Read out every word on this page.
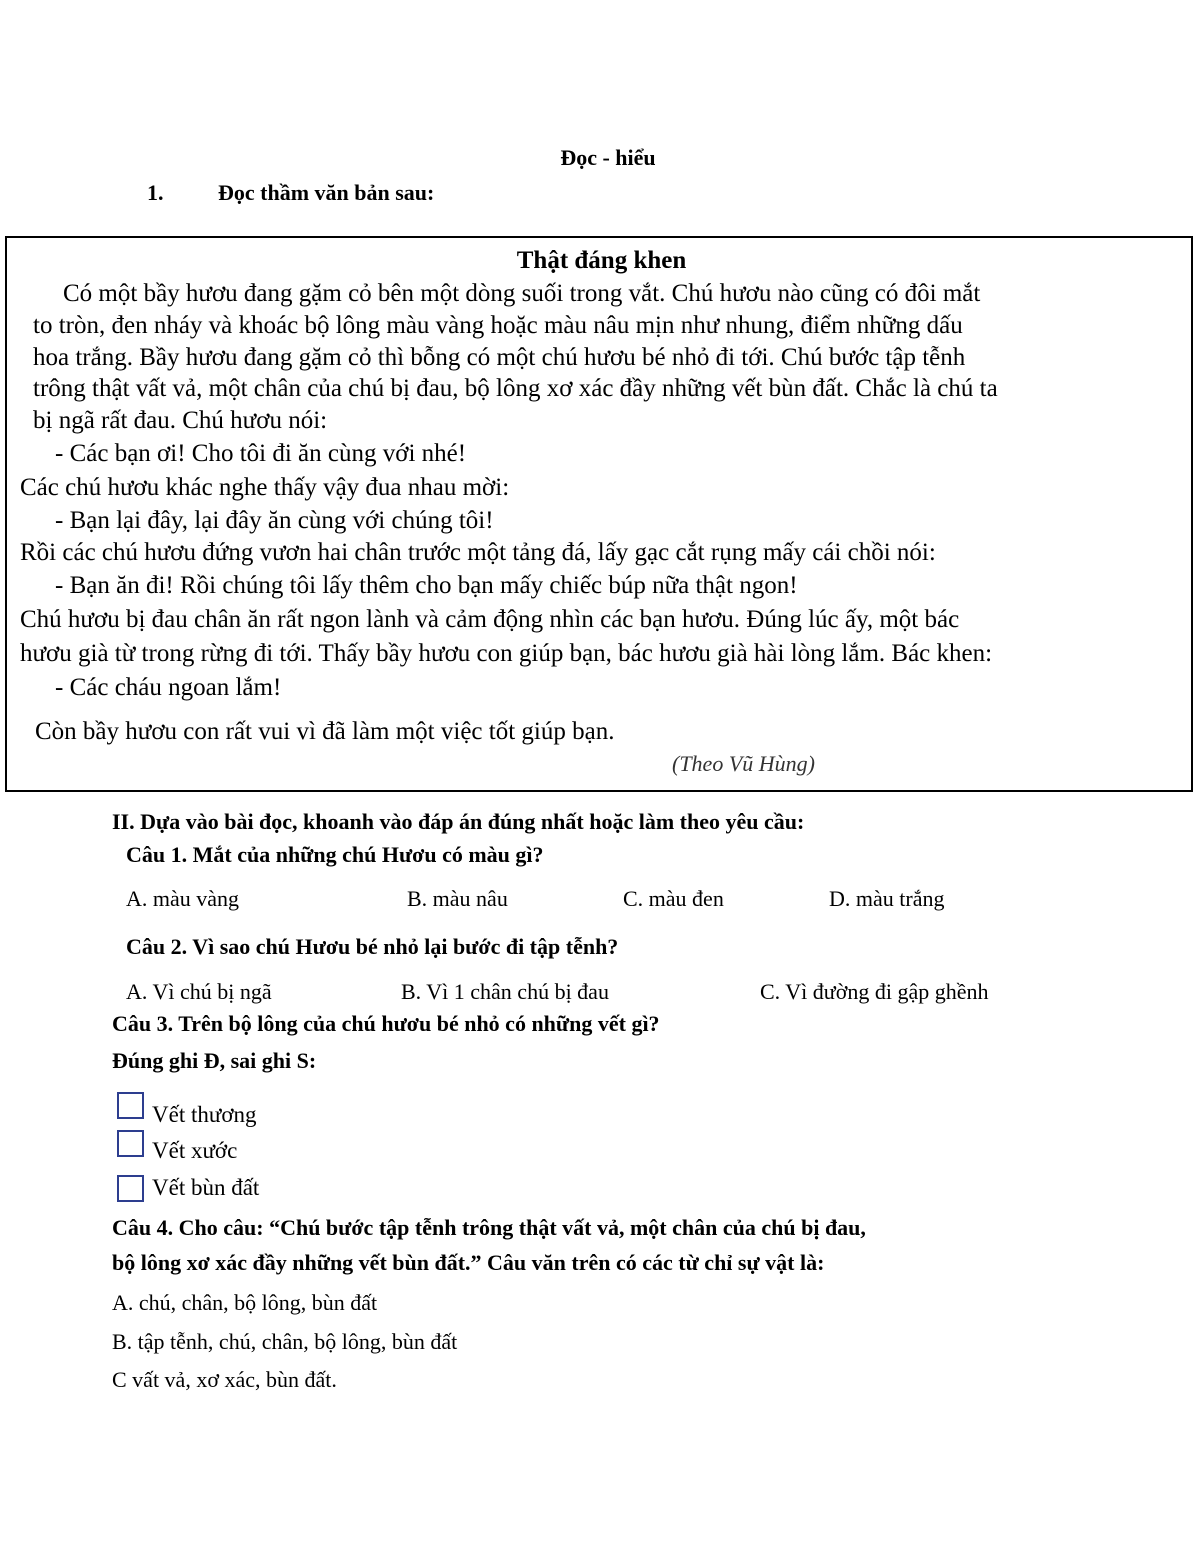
Đọc - hiểu
1. Đọc thầm văn bản sau:
Thật đáng khen
Có một bầy hươu đang gặm cỏ bên một dòng suối trong vắt. Chú hươu nào cũng có đôi mắt
to tròn, đen nháy và khoác bộ lông màu vàng hoặc màu nâu mịn như nhung, điểm những dấu
hoa trắng. Bầy hươu đang gặm cỏ thì bỗng có một chú hươu bé nhỏ đi tới. Chú bước tập tễnh
trông thật vất vả, một chân của chú bị đau, bộ lông xơ xác đầy những vết bùn đất. Chắc là chú ta
bị ngã rất đau. Chú hươu nói:
- Các bạn ơi! Cho tôi đi ăn cùng với nhé!
Các chú hươu khác nghe thấy vậy đua nhau mời:
- Bạn lại đây, lại đây ăn cùng với chúng tôi!
Rồi các chú hươu đứng vươn hai chân trước một tảng đá, lấy gạc cắt rụng mấy cái chồi nói:
- Bạn ăn đi! Rồi chúng tôi lấy thêm cho bạn mấy chiếc búp nữa thật ngon!
Chú hươu bị đau chân ăn rất ngon lành và cảm động nhìn các bạn hươu. Đúng lúc ấy, một bác
hươu già từ trong rừng đi tới. Thấy bầy hươu con giúp bạn, bác hươu già hài lòng lắm. Bác khen:
- Các cháu ngoan lắm!
Còn bầy hươu con rất vui vì đã làm một việc tốt giúp bạn.
(Theo Vũ Hùng)
II. Dựa vào bài đọc, khoanh vào đáp án đúng nhất hoặc làm theo yêu cầu:
Câu 1. Mắt của những chú Hươu có màu gì?
A. màu vàng	B. màu nâu	C. màu đen	D. màu trắng
Câu 2. Vì sao chú Hươu bé nhỏ lại bước đi tập tễnh?
A. Vì chú bị ngã	B. Vì 1 chân chú bị đau	C. Vì đường đi gập ghềnh
Câu 3. Trên bộ lông của chú hươu bé nhỏ có những vết gì?
Đúng ghi Đ, sai ghi S:
Vết thương
Vết xước
Vết bùn đất
Câu 4. Cho câu: “Chú bước tập tễnh trông thật vất vả, một chân của chú bị đau,
bộ lông xơ xác đầy những vết bùn đất.” Câu văn trên có các từ chỉ sự vật là:
A. chú, chân, bộ lông, bùn đất
B. tập tễnh, chú, chân, bộ lông, bùn đất
C vất vả, xơ xác, bùn đất.
